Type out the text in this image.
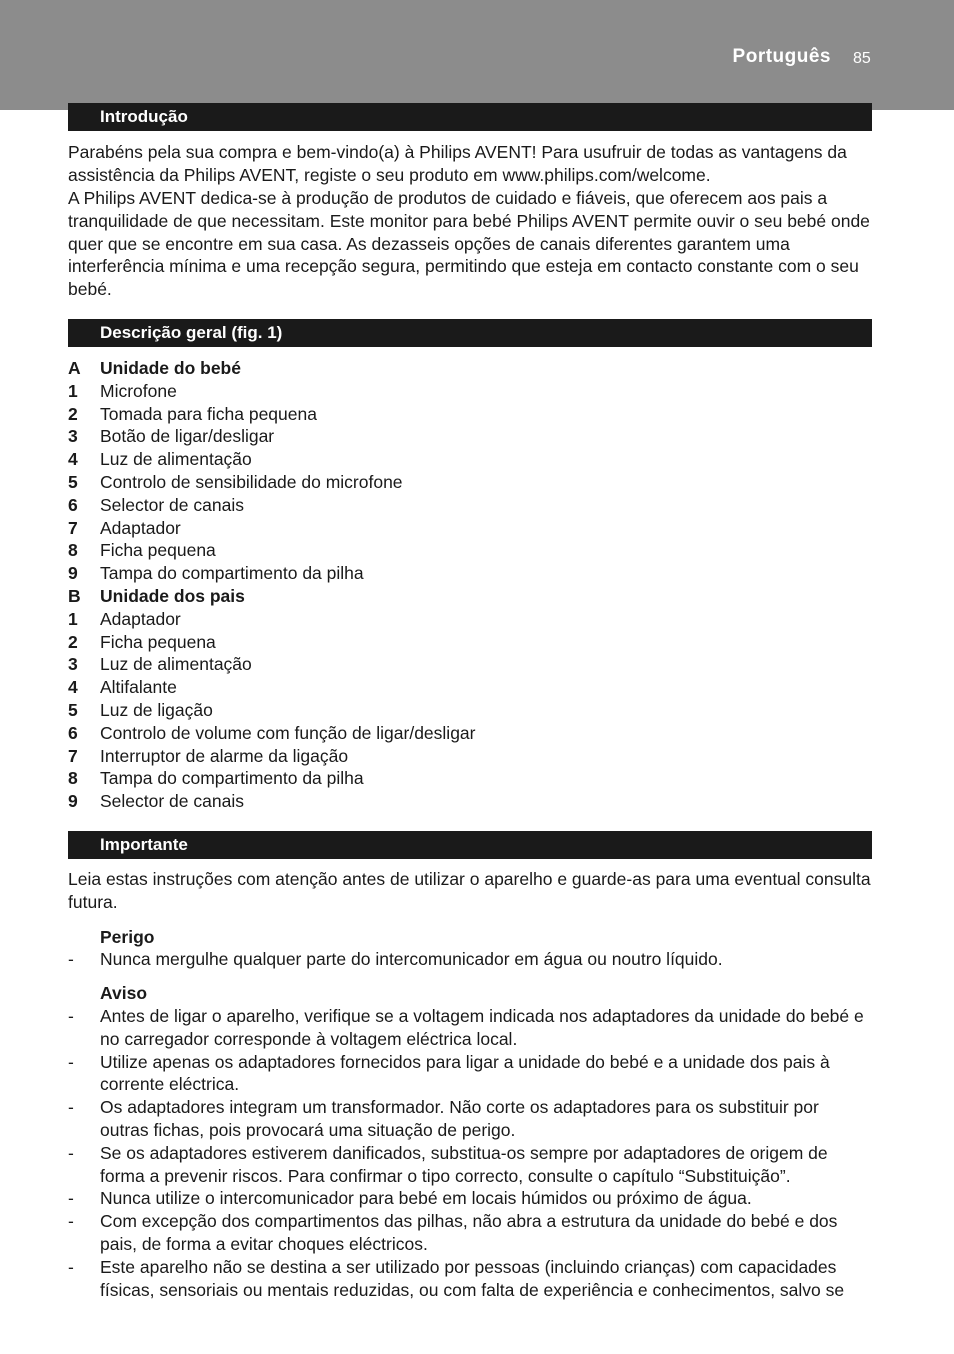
Português 85
Introdução

Parabéns pela sua compra e bem-vindo(a) à Philips AVENT! Para usufruir de todas as vantagens da assistência da Philips AVENT, registe o seu produto em www.philips.com/welcome.

A Philips AVENT dedica-se à produção de produtos de cuidado e fiáveis, que oferecem aos pais a tranquilidade de que necessitam. Este monitor para bebé Philips AVENT permite ouvir o seu bebé onde quer que se encontre em sua casa. As dezasseis opções de canais diferentes garantem uma interferência mínima e uma recepção segura, permitindo que esteja em contacto constante com o seu bebé.

Descrição geral (fig. 1)
A	Unidade do bebé
1	Microfone
2	Tomada para ficha pequena
3	Botão de ligar/desligar
4	Luz de alimentação
5	Controlo de sensibilidade do microfone
6	Selector de canais
7	Adaptador
8	Ficha pequena
9	Tampa do compartimento da pilha
B	Unidade dos pais
1	Adaptador
2	Ficha pequena
3	Luz de alimentação
4	Altifalante
5	Luz de ligação
6	Controlo de volume com função de ligar/desligar
7	Interruptor de alarme da ligação
8	Tampa do compartimento da pilha
9	Selector de canais
Importante

Leia estas instruções com atenção antes de utilizar o aparelho e guarde-as para uma eventual consulta futura.

Perigo
-	Nunca mergulhe qualquer parte do intercomunicador em água ou noutro líquido.
Aviso
-	Antes de ligar o aparelho, verifique se a voltagem indicada nos adaptadores da unidade do bebé e no carregador corresponde à voltagem eléctrica local.
-	Utilize apenas os adaptadores fornecidos para ligar a unidade do bebé e a unidade dos pais à corrente eléctrica.
-	Os adaptadores integram um transformador. Não corte os adaptadores para os substituir por outras fichas, pois provocará uma situação de perigo.
-	Se os adaptadores estiverem danificados, substitua-os sempre por adaptadores de origem de forma a prevenir riscos. Para confirmar o tipo correcto, consulte o capítulo “Substituição”.
-	Nunca utilize o intercomunicador para bebé em locais húmidos ou próximo de água.
-	Com excepção dos compartimentos das pilhas, não abra a estrutura da unidade do bebé e dos pais, de forma a evitar choques eléctricos.
-	Este aparelho não se destina a ser utilizado por pessoas (incluindo crianças) com capacidades físicas, sensoriais ou mentais reduzidas, ou com falta de experiência e conhecimentos, salvo se
